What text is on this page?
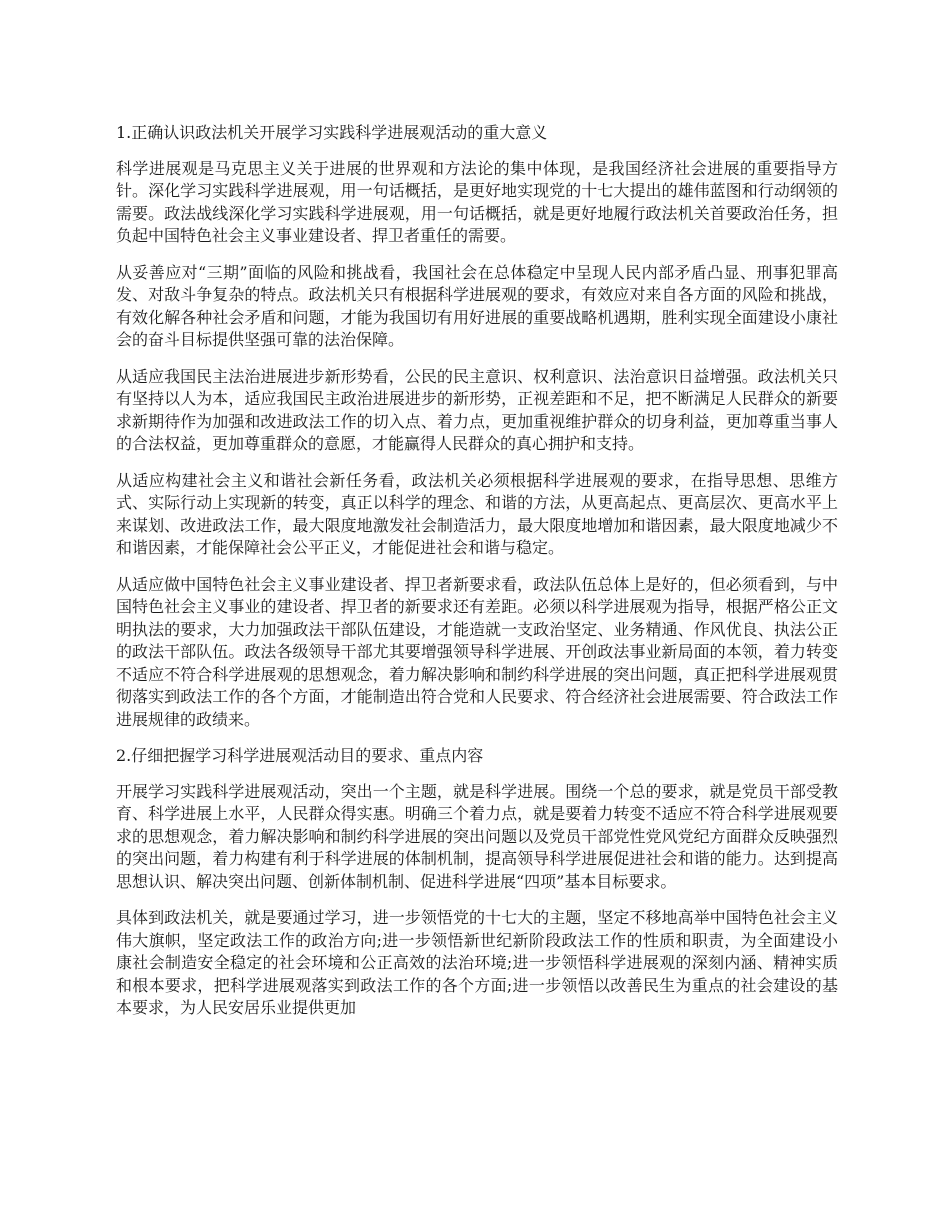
1.正确认识政法机关开展学习实践科学进展观活动的重大意义

科学进展观是马克思主义关于进展的世界观和方法论的集中体现，是我国经济社会进展的重要指导方针。深化学习实践科学进展观，用一句话概括，是更好地实现党的十七大提出的雄伟蓝图和行动纲领的需要。政法战线深化学习实践科学进展观，用一句话概括，就是更好地履行政法机关首要政治任务，担负起中国特色社会主义事业建设者、捍卫者重任的需要。

从妥善应对“三期”面临的风险和挑战看，我国社会在总体稳定中呈现人民内部矛盾凸显、刑事犯罪高发、对敌斗争复杂的特点。政法机关只有根据科学进展观的要求，有效应对来自各方面的风险和挑战，有效化解各种社会矛盾和问题，才能为我国切有用好进展的重要战略机遇期，胜利实现全面建设小康社会的奋斗目标提供坚强可靠的法治保障。

从适应我国民主法治进展进步新形势看，公民的民主意识、权利意识、法治意识日益增强。政法机关只有坚持以人为本，适应我国民主政治进展进步的新形势，正视差距和不足，把不断满足人民群众的新要求新期待作为加强和改进政法工作的切入点、着力点，更加重视维护群众的切身利益，更加尊重当事人的合法权益，更加尊重群众的意愿，才能赢得人民群众的真心拥护和支持。

从适应构建社会主义和谐社会新任务看，政法机关必须根据科学进展观的要求，在指导思想、思维方式、实际行动上实现新的转变，真正以科学的理念、和谐的方法，从更高起点、更高层次、更高水平上来谋划、改进政法工作，最大限度地激发社会制造活力，最大限度地增加和谐因素，最大限度地减少不和谐因素，才能保障社会公平正义，才能促进社会和谐与稳定。

从适应做中国特色社会主义事业建设者、捍卫者新要求看，政法队伍总体上是好的，但必须看到，与中国特色社会主义事业的建设者、捍卫者的新要求还有差距。必须以科学进展观为指导，根据严格公正文明执法的要求，大力加强政法干部队伍建设，才能造就一支政治坚定、业务精通、作风优良、执法公正的政法干部队伍。政法各级领导干部尤其要增强领导科学进展、开创政法事业新局面的本领，着力转变不适应不符合科学进展观的思想观念，着力解决影响和制约科学进展的突出问题，真正把科学进展观贯彻落实到政法工作的各个方面，才能制造出符合党和人民要求、符合经济社会进展需要、符合政法工作进展规律的政绩来。

2.仔细把握学习科学进展观活动目的要求、重点内容

开展学习实践科学进展观活动，突出一个主题，就是科学进展。围绕一个总的要求，就是党员干部受教育、科学进展上水平，人民群众得实惠。明确三个着力点，就是要着力转变不适应不符合科学进展观要求的思想观念，着力解决影响和制约科学进展的突出问题以及党员干部党性党风党纪方面群众反映强烈的突出问题，着力构建有利于科学进展的体制机制，提高领导科学进展促进社会和谐的能力。达到提高思想认识、解决突出问题、创新体制机制、促进科学进展“四项”基本目标要求。

具体到政法机关，就是要通过学习，进一步领悟党的十七大的主题，坚定不移地高举中国特色社会主义伟大旗帜，坚定政法工作的政治方向;进一步领悟新世纪新阶段政法工作的性质和职责，为全面建设小康社会制造安全稳定的社会环境和公正高效的法治环境;进一步领悟科学进展观的深刻内涵、精神实质和根本要求，把科学进展观落实到政法工作的各个方面;进一步领悟以改善民生为重点的社会建设的基本要求，为人民安居乐业提供更加
